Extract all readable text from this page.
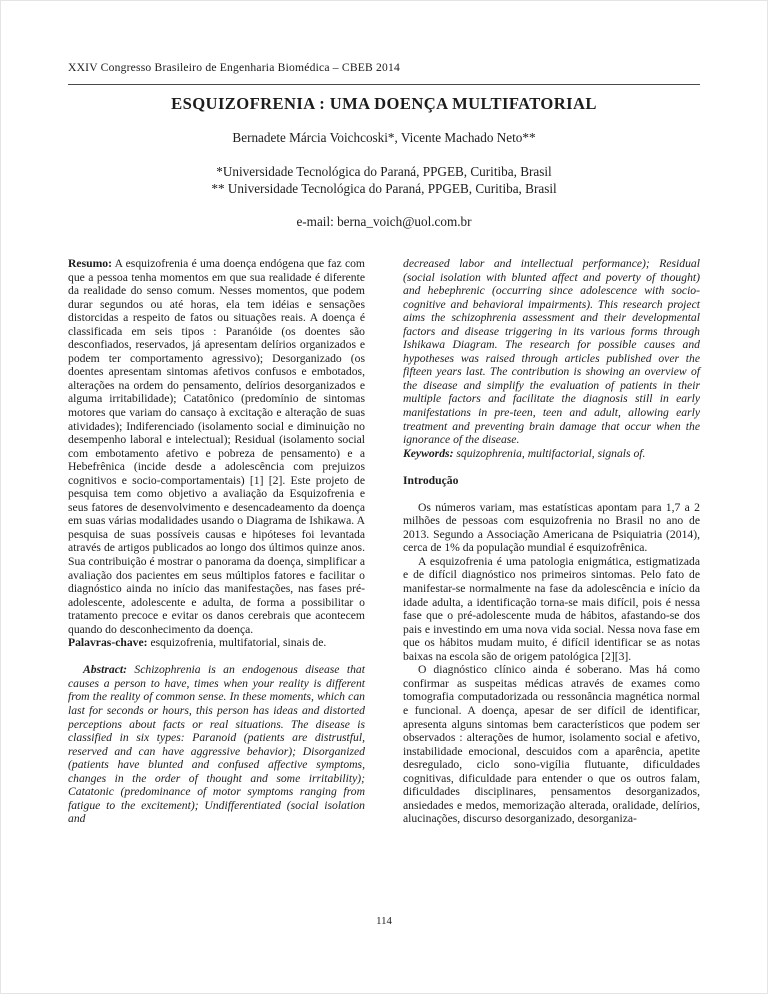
XXIV Congresso Brasileiro de Engenharia Biomédica – CBEB 2014
ESQUIZOFRENIA : UMA DOENÇA MULTIFATORIAL
Bernadete Márcia Voichcoski*, Vicente Machado Neto**
*Universidade Tecnológica do Paraná, PPGEB, Curitiba, Brasil
** Universidade Tecnológica do Paraná, PPGEB, Curitiba, Brasil
e-mail: berna_voich@uol.com.br

Resumo: A esquizofrenia é uma doença endógena que faz com que a pessoa tenha momentos em que sua realidade é diferente da realidade do senso comum. Nesses momentos, que podem durar segundos ou até horas, ela tem idéias e sensações distorcidas a respeito de fatos ou situações reais. A doença é classificada em seis tipos : Paranóide (os doentes são desconfiados, reservados, já apresentam delírios organizados e podem ter comportamento agressivo); Desorganizado (os doentes apresentam sintomas afetivos confusos e embotados, alterações na ordem do pensamento, delírios desorganizados e alguma irritabilidade); Catatônico (predomínio de sintomas motores que variam do cansaço à excitação e alteração de suas atividades); Indiferenciado (isolamento social e diminuição no desempenho laboral e intelectual); Residual (isolamento social com embotamento afetivo e pobreza de pensamento) e a Hebefrênica (incide desde a adolescência com prejuizos cognitivos e socio-comportamentais) [1] [2]. Este projeto de pesquisa tem como objetivo a avaliação da Esquizofrenia e seus fatores de desenvolvimento e desencadeamento da doença em suas várias modalidades usando o Diagrama de Ishikawa. A pesquisa de suas possíveis causas e hipóteses foi levantada através de artigos publicados ao longo dos últimos quinze anos. Sua contribuição é mostrar o panorama da doença, simplificar a avaliação dos pacientes em seus múltiplos fatores e facilitar o diagnóstico ainda no início das manifestações, nas fases pré-adolescente, adolescente e adulta, de forma a possibilitar o tratamento precoce e evitar os danos cerebrais que acontecem quando do desconhecimento da doença.

Palavras-chave: esquizofrenia, multifatorial, sinais de.

Abstract: Schizophrenia is an endogenous disease that causes a person to have, times when your reality is different from the reality of common sense. In these moments, which can last for seconds or hours, this person has ideas and distorted perceptions about facts or real situations. The disease is classified in six types: Paranoid (patients are distrustful, reserved and can have aggressive behavior); Disorganized (patients have blunted and confused affective symptoms, changes in the order of thought and some irritability); Catatonic (predominance of motor symptoms ranging from fatigue to the excitement); Undifferentiated (social isolation and

decreased labor and intellectual performance); Residual (social isolation with blunted affect and poverty of thought) and hebephrenic (occurring since adolescence with socio-cognitive and behavioral impairments). This research project aims the schizophrenia assessment and their developmental factors and disease triggering in its various forms through Ishikawa Diagram. The research for possible causes and hypotheses was raised through articles published over the fifteen years last. The contribution is showing an overview of the disease and simplify the evaluation of patients in their multiple factors and facilitate the diagnosis still in early manifestations in pre-teen, teen and adult, allowing early treatment and preventing brain damage that occur when the ignorance of the disease.

Keywords: squizophrenia, multifactorial, signals of.

Introdução

Os números variam, mas estatísticas apontam para 1,7 a 2 milhões de pessoas com esquizofrenia no Brasil no ano de 2013. Segundo a Associação Americana de Psiquiatria (2014), cerca de 1% da população mundial é esquizofrênica.

A esquizofrenia é uma patologia enigmática, estigmatizada e de difícil diagnóstico nos primeiros sintomas. Pelo fato de manifestar-se normalmente na fase da adolescência e início da idade adulta, a identificação torna-se mais difícil, pois é nessa fase que o pré-adolescente muda de hábitos, afastando-se dos pais e investindo em uma nova vida social. Nessa nova fase em que os hábitos mudam muito, é difícil identificar se as notas baixas na escola são de origem patológica [2][3].

O diagnóstico clínico ainda é soberano. Mas há como confirmar as suspeitas médicas através de exames como tomografia computadorizada ou ressonância magnética normal e funcional. A doença, apesar de ser difícil de identificar, apresenta alguns sintomas bem característicos que podem ser observados : alterações de humor, isolamento social e afetivo, instabilidade emocional, descuidos com a aparência, apetite desregulado, ciclo sono-vigília flutuante, dificuldades cognitivas, dificuldade para entender o que os outros falam, dificuldades disciplinares, pensamentos desorganizados, ansiedades e medos, memorização alterada, oralidade, delírios, alucinações, discurso desorganizado, desorganiza-

114
